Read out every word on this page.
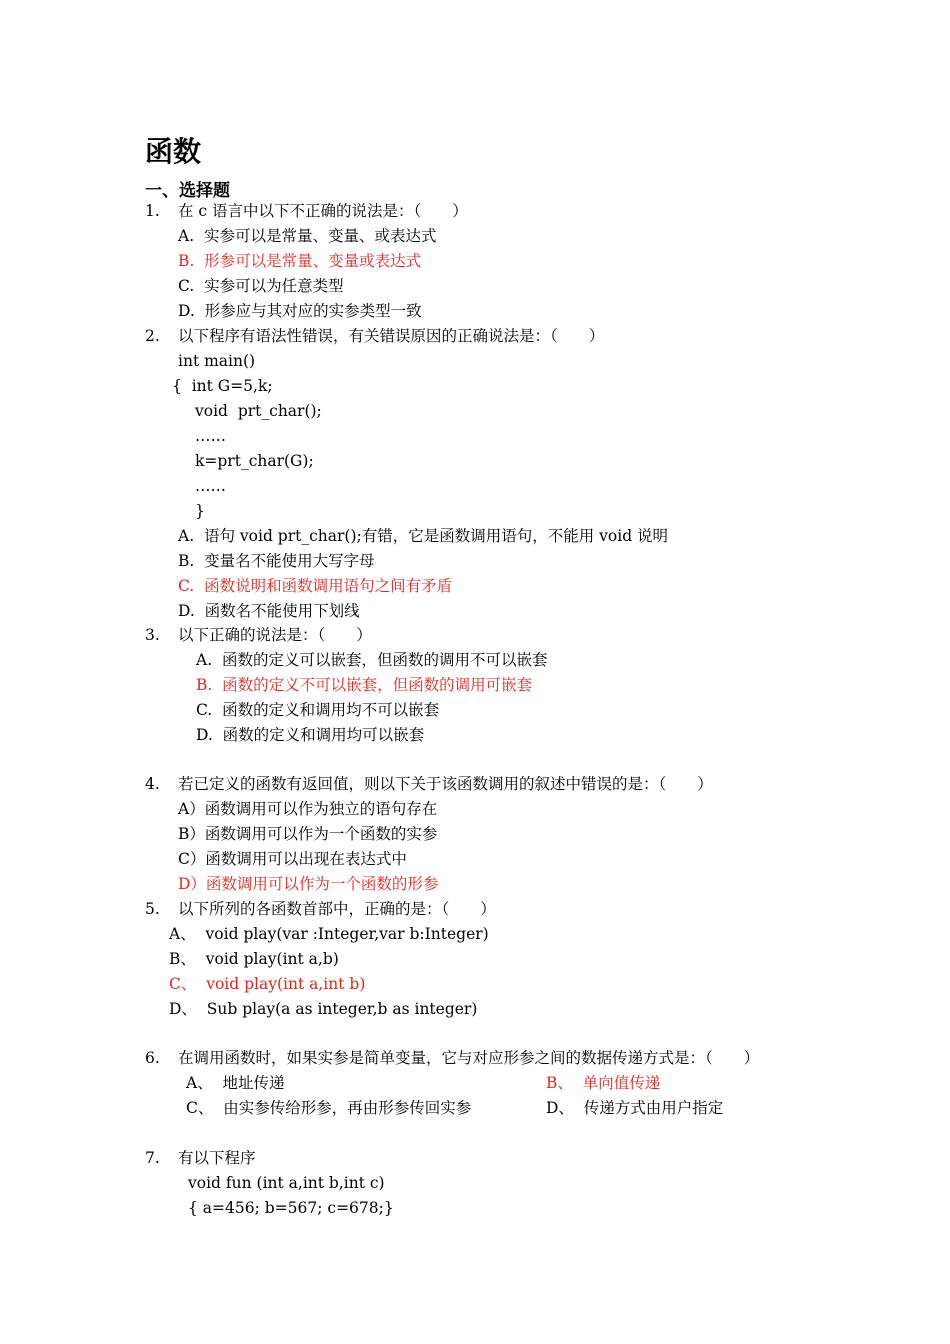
函数
一、选择题
1. 在 c 语言中以下不正确的说法是：（　　）
A.  实参可以是常量、变量、或表达式
B.  形参可以是常量、变量或表达式
C.  实参可以为任意类型
D.  形参应与其对应的实参类型一致
2. 以下程序有语法性错误，有关错误原因的正确说法是：（　　）
int main()
{  int G=5,k;
void  prt_char();
……
k=prt_char(G);
……
}
A.  语句 void prt_char();有错，它是函数调用语句，不能用 void 说明
B.  变量名不能使用大写字母
C.  函数说明和函数调用语句之间有矛盾
D.  函数名不能使用下划线
3. 以下正确的说法是：（　　）
A.  函数的定义可以嵌套，但函数的调用不可以嵌套
B.  函数的定义不可以嵌套，但函数的调用可嵌套
C.  函数的定义和调用均不可以嵌套
D.  函数的定义和调用均可以嵌套
4. 若已定义的函数有返回值，则以下关于该函数调用的叙述中错误的是：（　　）
A）函数调用可以作为独立的语句存在
B）函数调用可以作为一个函数的实参
C）函数调用可以出现在表达式中
D）函数调用可以作为一个函数的形参
5. 以下所列的各函数首部中，正确的是：（　　）
A、  void play(var :Integer,var b:Integer)
B、  void play(int a,b)
C、  void play(int a,int b)
D、  Sub play(a as integer,b as integer)
6. 在调用函数时，如果实参是简单变量，它与对应形参之间的数据传递方式是：（　　）
A、  地址传递	B、  单向值传递
C、  由实参传给形参，再由形参传回实参	D、  传递方式由用户指定
7. 有以下程序
void fun (int a,int b,int c)
{ a=456; b=567; c=678;}
